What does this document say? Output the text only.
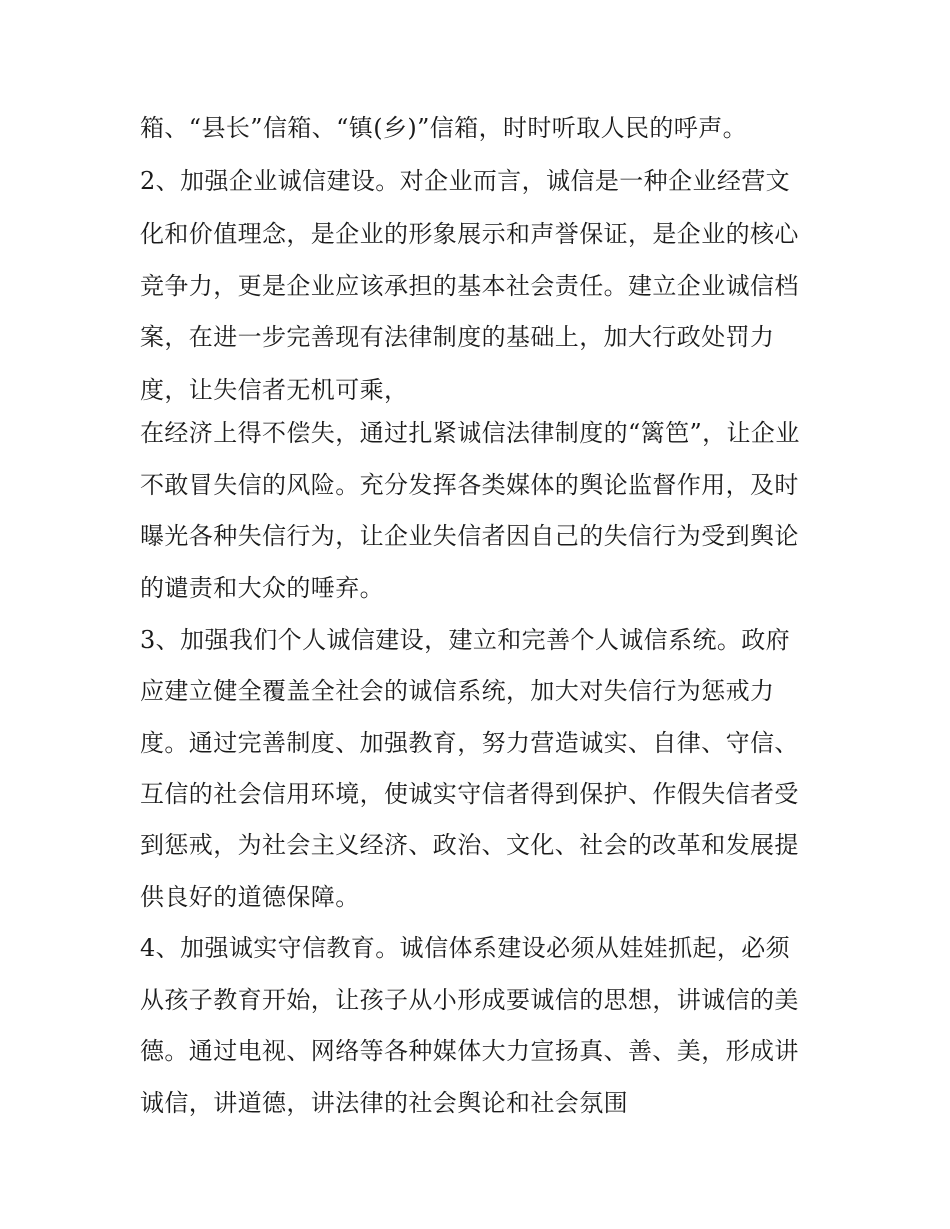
箱、“县长”信箱、“镇(乡)”信箱，时时听取人民的呼声。
2、加强企业诚信建设。对企业而言，诚信是一种企业经营文
化和价值理念，是企业的形象展示和声誉保证，是企业的核心
竞争力，更是企业应该承担的基本社会责任。建立企业诚信档
案，在进一步完善现有法律制度的基础上，加大行政处罚力
度，让失信者无机可乘，
在经济上得不偿失，通过扎紧诚信法律制度的“篱笆”，让企业
不敢冒失信的风险。充分发挥各类媒体的舆论监督作用，及时
曝光各种失信行为，让企业失信者因自己的失信行为受到舆论
的谴责和大众的唾弃。
3、加强我们个人诚信建设，建立和完善个人诚信系统。政府
应建立健全覆盖全社会的诚信系统，加大对失信行为惩戒力
度。通过完善制度、加强教育，努力营造诚实、自律、守信、
互信的社会信用环境，使诚实守信者得到保护、作假失信者受
到惩戒，为社会主义经济、政治、文化、社会的改革和发展提
供良好的道德保障。
4、加强诚实守信教育。诚信体系建设必须从娃娃抓起，必须
从孩子教育开始，让孩子从小形成要诚信的思想，讲诚信的美
德。通过电视、网络等各种媒体大力宣扬真、善、美，形成讲
诚信，讲道德，讲法律的社会舆论和社会氛围
